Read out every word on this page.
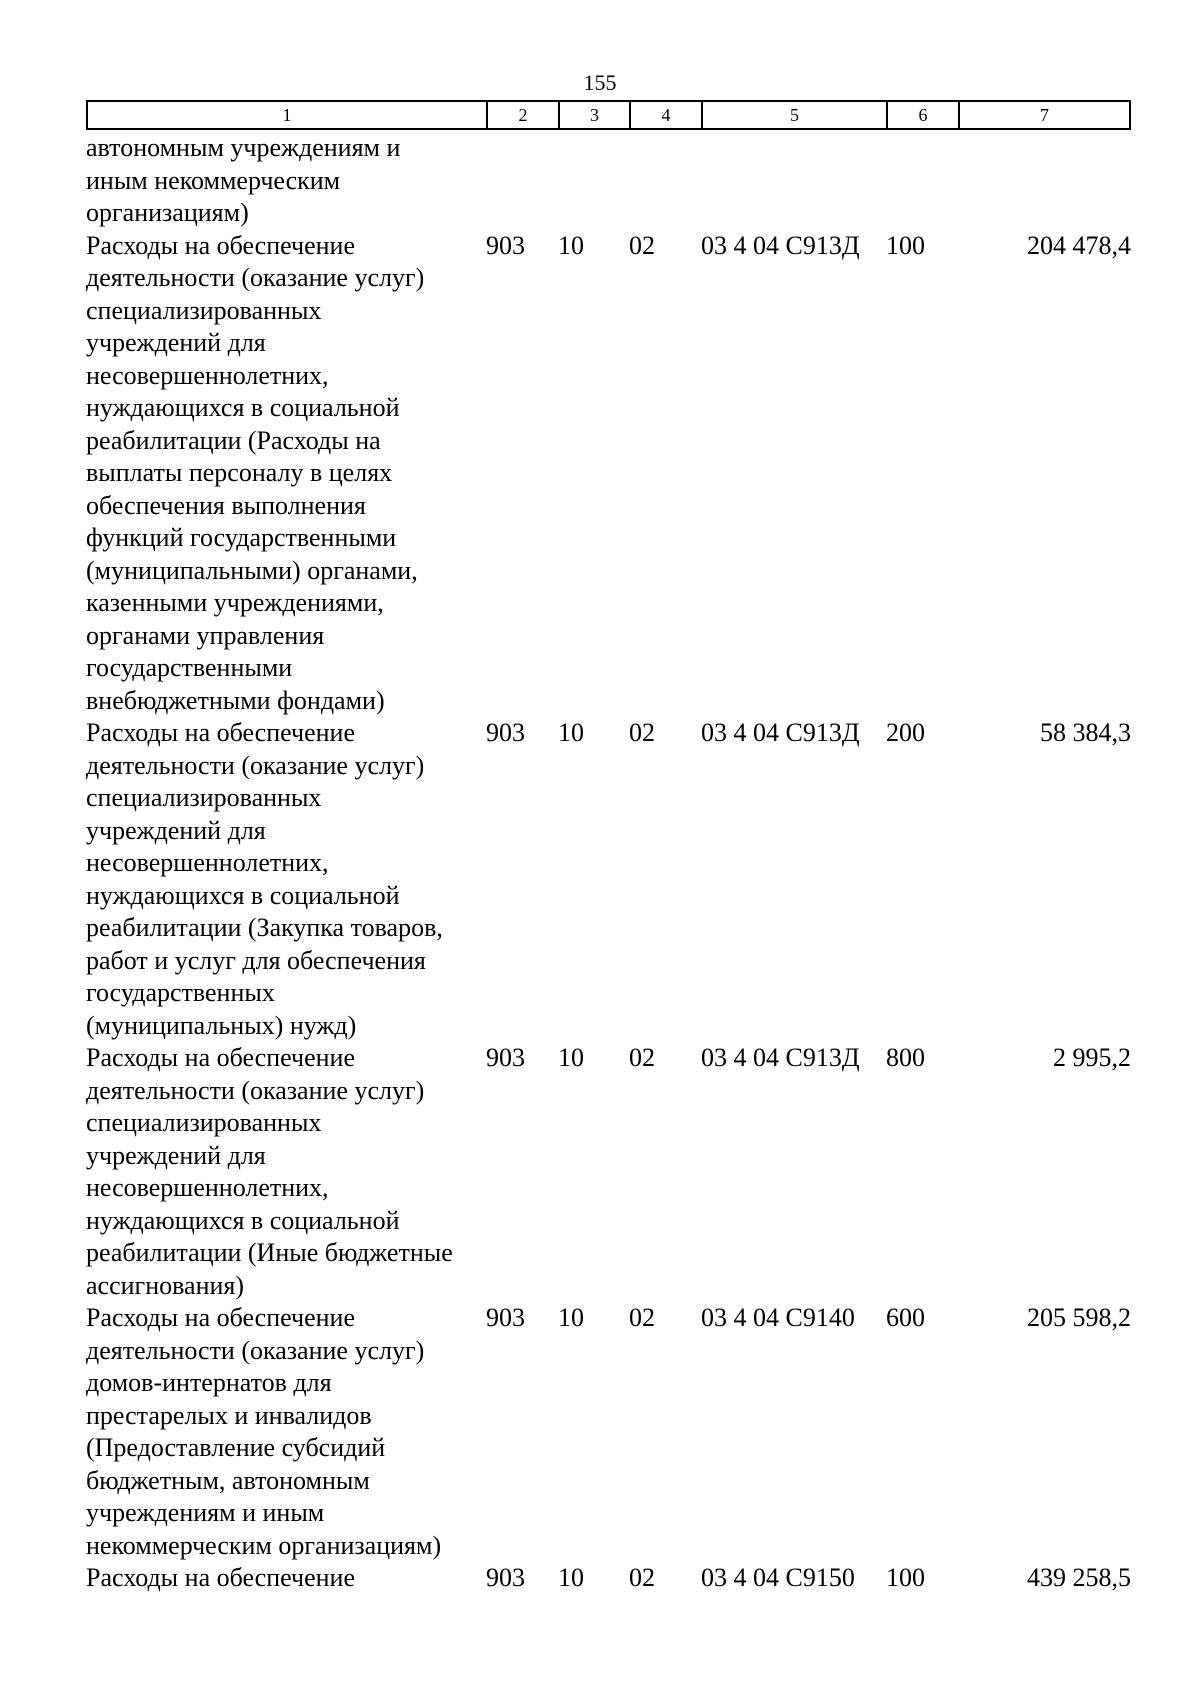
155
1	2	3	4	5	6	7
автономным учреждениям и
иным некоммерческим
организациям)
Расходы на обеспечение
деятельности (оказание услуг)
специализированных
учреждений для
несовершеннолетних,
нуждающихся в социальной
реабилитации (Расходы на
выплаты персоналу в целях
обеспечения выполнения
функций государственными
(муниципальными) органами,
казенными учреждениями,
органами управления
государственными
внебюджетными фондами)
903	10	02	03 4 04 С913Д	100	204 478,4
Расходы на обеспечение
деятельности (оказание услуг)
специализированных
учреждений для
несовершеннолетних,
нуждающихся в социальной
реабилитации (Закупка товаров,
работ и услуг для обеспечения
государственных
(муниципальных) нужд)
903	10	02	03 4 04 С913Д	200	58 384,3
Расходы на обеспечение
деятельности (оказание услуг)
специализированных
учреждений для
несовершеннолетних,
нуждающихся в социальной
реабилитации (Иные бюджетные
ассигнования)
903	10	02	03 4 04 С913Д	800	2 995,2
Расходы на обеспечение
деятельности (оказание услуг)
домов-интернатов для
престарелых и инвалидов
(Предоставление субсидий
бюджетным, автономным
учреждениям и иным
некоммерческим организациям)
903	10	02	03 4 04 С9140	600	205 598,2
Расходы на обеспечение	903	10	02	03 4 04 С9150	100	439 258,5
